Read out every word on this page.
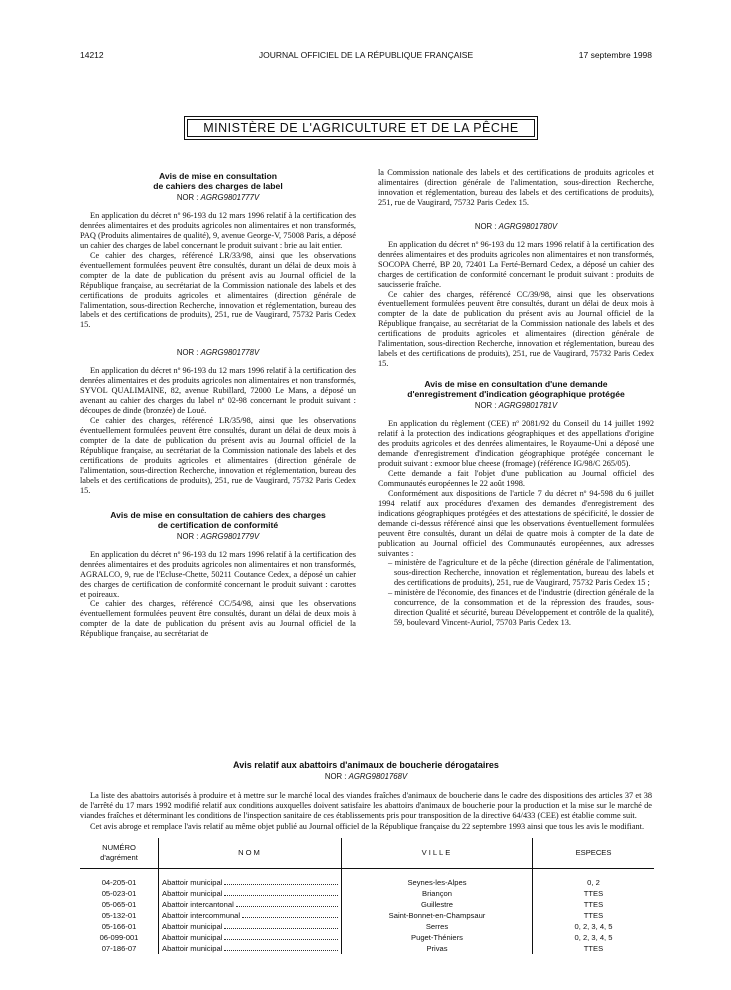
14212	JOURNAL OFFICIEL DE LA RÉPUBLIQUE FRANÇAISE	17 septembre 1998
MINISTÈRE DE L'AGRICULTURE ET DE LA PÊCHE
Avis de mise en consultation
de cahiers des charges de label
NOR : AGRG9801777V

En application du décret nº 96-193 du 12 mars 1996 relatif à la certification des denrées alimentaires et des produits agricoles non alimentaires et non transformés, PAQ (Produits alimentaires de qualité), 9, avenue George-V, 75008 Paris, a déposé un cahier des charges de label concernant le produit suivant : brie au lait entier.

Ce cahier des charges, référencé LR/33/98, ainsi que les observations éventuellement formulées peuvent être consultés, durant un délai de deux mois à compter de la date de publication du présent avis au Journal officiel de la République française, au secrétariat de la Commission nationale des labels et des certifications de produits agricoles et alimentaires (direction générale de l'alimentation, sous-direction Recherche, innovation et réglementation, bureau des labels et des certifications de produits), 251, rue de Vaugirard, 75732 Paris Cedex 15.

NOR : AGRG9801778V

En application du décret nº 96-193 du 12 mars 1996 relatif à la certification des denrées alimentaires et des produits agricoles non alimentaires et non transformés, SYVOL QUALIMAINE, 82, avenue Rubillard, 72000 Le Mans, a déposé un avenant au cahier des charges du label nº 02-98 concernant le produit suivant : découpes de dinde (bronzée) de Loué.

Ce cahier des charges, référencé LR/35/98, ainsi que les observations éventuellement formulées peuvent être consultés, durant un délai de deux mois à compter de la date de publication du présent avis au Journal officiel de la République française, au secrétariat de la Commission nationale des labels et des certifications de produits agricoles et alimentaires (direction générale de l'alimentation, sous-direction Recherche, innovation et réglementation, bureau des labels et des certifications de produits), 251, rue de Vaugirard, 75732 Paris Cedex 15.

Avis de mise en consultation de cahiers des charges
de certification de conformité
NOR : AGRG9801779V

En application du décret nº 96-193 du 12 mars 1996 relatif à la certification des denrées alimentaires et des produits agricoles non alimentaires et non transformés, AGRALCO, 9, rue de l'Ecluse-Chette, 50211 Coutance Cedex, a déposé un cahier des charges de certification de conformité concernant le produit suivant : carottes et poireaux.

Ce cahier des charges, référencé CC/54/98, ainsi que les observations éventuellement formulées peuvent être consultés, durant un délai de deux mois à compter de la date de publication du présent avis au Journal officiel de la République française, au secrétariat de

la Commission nationale des labels et des certifications de produits agricoles et alimentaires (direction générale de l'alimentation, sous-direction Recherche, innovation et réglementation, bureau des labels et des certifications de produits), 251, rue de Vaugirard, 75732 Paris Cedex 15.

NOR : AGRG9801780V

En application du décret nº 96-193 du 12 mars 1996 relatif à la certification des denrées alimentaires et des produits agricoles non alimentaires et non transformés, SOCOPA Cherré, BP 20, 72401 La Ferté-Bernard Cedex, a déposé un cahier des charges de certification de conformité concernant le produit suivant : produits de saucisserie fraîche.

Ce cahier des charges, référencé CC/39/98, ainsi que les observations éventuellement formulées peuvent être consultés, durant un délai de deux mois à compter de la date de publication du présent avis au Journal officiel de la République française, au secrétariat de la Commission nationale des labels et des certifications de produits agricoles et alimentaires (direction générale de l'alimentation, sous-direction Recherche, innovation et réglementation, bureau des labels et des certifications de produits), 251, rue de Vaugirard, 75732 Paris Cedex 15.

Avis de mise en consultation d'une demande
d'enregistrement d'indication géographique protégée
NOR : AGRG9801781V

En application du règlement (CEE) nº 2081/92 du Conseil du 14 juillet 1992 relatif à la protection des indications géographiques et des appellations d'origine des produits agricoles et des denrées alimentaires, le Royaume-Uni a déposé une demande d'enregistrement d'indication géographique protégée concernant le produit suivant : exmoor blue cheese (fromage) (référence IG/98/C 265/05).

Cette demande a fait l'objet d'une publication au Journal officiel des Communautés européennes le 22 août 1998.

Conformément aux dispositions de l'article 7 du décret nº 94-598 du 6 juillet 1994 relatif aux procédures d'examen des demandes d'enregistrement des indications géographiques protégées et des attestations de spécificité, le dossier de demande ci-dessus référencé ainsi que les observations éventuellement formulées peuvent être consultés, durant un délai de quatre mois à compter de la date de publication au Journal officiel des Communautés européennes, aux adresses suivantes :

– ministère de l'agriculture et de la pêche (direction générale de l'alimentation, sous-direction Recherche, innovation et réglementation, bureau des labels et des certifications de produits), 251, rue de Vaugirard, 75732 Paris Cedex 15 ;
– ministère de l'économie, des finances et de l'industrie (direction générale de la concurrence, de la consommation et de la répression des fraudes, sous-direction Qualité et sécurité, bureau Développement et contrôle de la qualité), 59, boulevard Vincent-Auriol, 75703 Paris Cedex 13.
Avis relatif aux abattoirs d'animaux de boucherie dérogataires
NOR : AGRG9801768V

La liste des abattoirs autorisés à produire et à mettre sur le marché local des viandes fraîches d'animaux de boucherie dans le cadre des dispositions des articles 37 et 38 de l'arrêté du 17 mars 1992 modifié relatif aux conditions auxquelles doivent satisfaire les abattoirs d'animaux de boucherie pour la production et la mise sur le marché de viandes fraîches et déterminant les conditions de l'inspection sanitaire de ces établissements pris pour transposition de la directive 64/433 (CEE) est établie comme suit.

Cet avis abroge et remplace l'avis relatif au même objet publié au Journal officiel de la République française du 22 septembre 1993 ainsi que tous les avis le modifiant.

NUMÉRO
d'agrément	NOM	VILLE	ESPECES

04-205-01	Abattoir municipal	Seynes-les-Alpes	0, 2
05-023-01	Abattoir municipal	Briançon	TTES
05-065-01	Abattoir intercantonal	Guillestre	TTES
05-132-01	Abattoir intercommunal	Saint-Bonnet-en-Champsaur	TTES
05-166-01	Abattoir municipal	Serres	0, 2, 3, 4, 5
06-099-001	Abattoir municipal	Puget-Théniers	0, 2, 3, 4, 5
07-186-07	Abattoir municipal	Privas	TTES
